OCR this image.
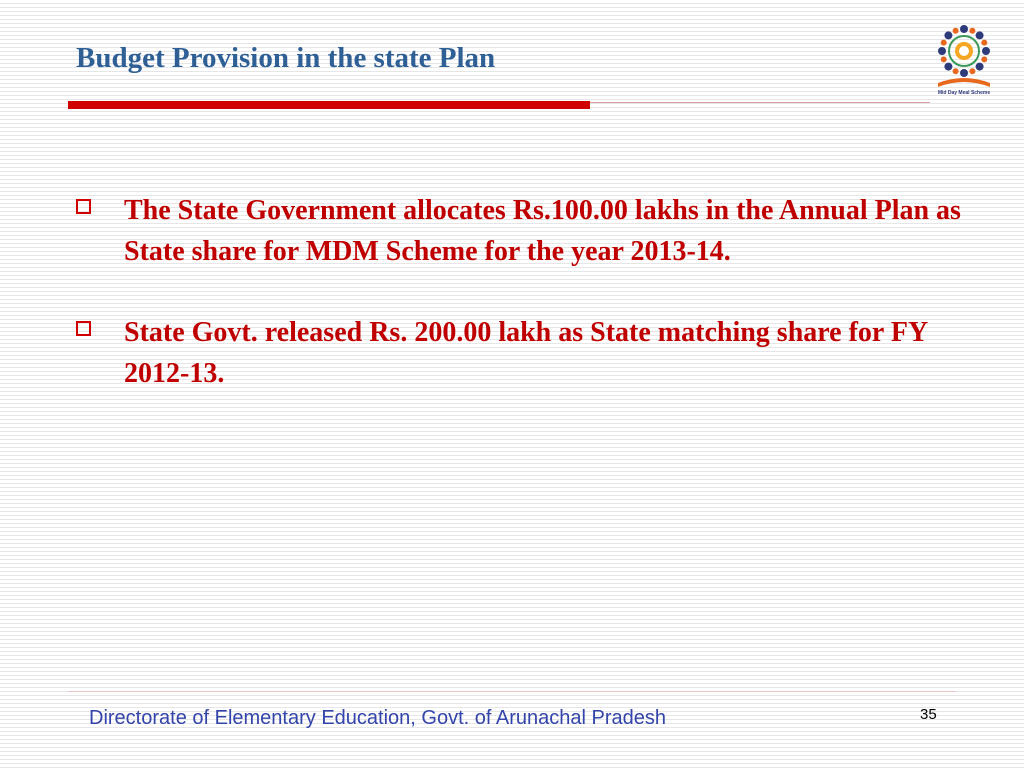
Budget Provision in the state Plan
Mid Day Meal Scheme
The State Government allocates Rs.100.00 lakhs in the Annual Plan as State share for MDM Scheme for the year 2013-14.
State Govt. released Rs. 200.00 lakh as State matching share for FY 2012-13.

Directorate of Elementary Education, Govt. of Arunachal Pradesh	35
